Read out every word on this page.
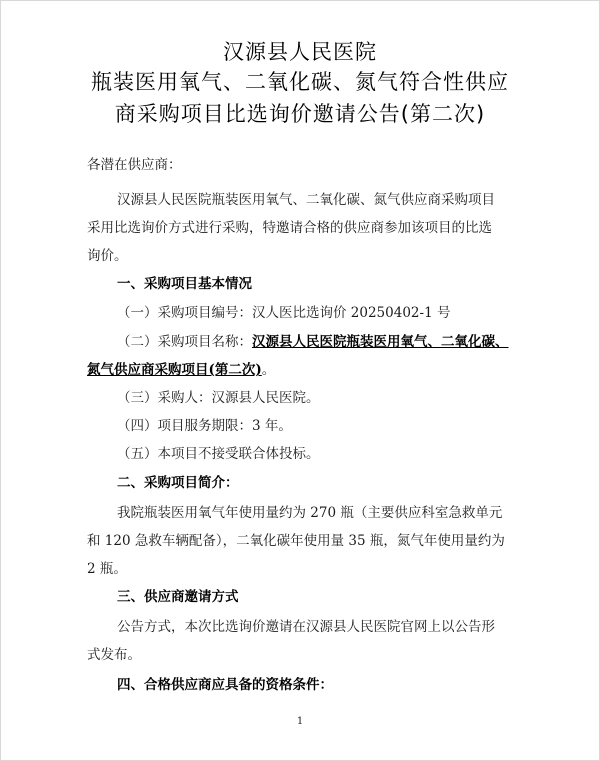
汉源县人民医院
瓶装医用氧气、二氧化碳、氮气符合性供应
商采购项目比选询价邀请公告(第二次)
各潜在供应商：
汉源县人民医院瓶装医用氧气、二氧化碳、氮气供应商采购项目
采用比选询价方式进行采购，特邀请合格的供应商参加该项目的比选
询价。
一、采购项目基本情况
（一）采购项目编号：汉人医比选询价 20250402-1 号
（二）采购项目名称：汉源县人民医院瓶装医用氧气、二氧化碳、
氮气供应商采购项目(第二次)。
（三）采购人：汉源县人民医院。
（四）项目服务期限：3 年。
（五）本项目不接受联合体投标。
二、采购项目简介：
我院瓶装医用氧气年使用量约为 270 瓶（主要供应科室急救单元
和 120 急救车辆配备），二氧化碳年使用量 35 瓶，氮气年使用量约为
2 瓶。
三、供应商邀请方式
公告方式，本次比选询价邀请在汉源县人民医院官网上以公告形
式发布。
四、合格供应商应具备的资格条件：
1
